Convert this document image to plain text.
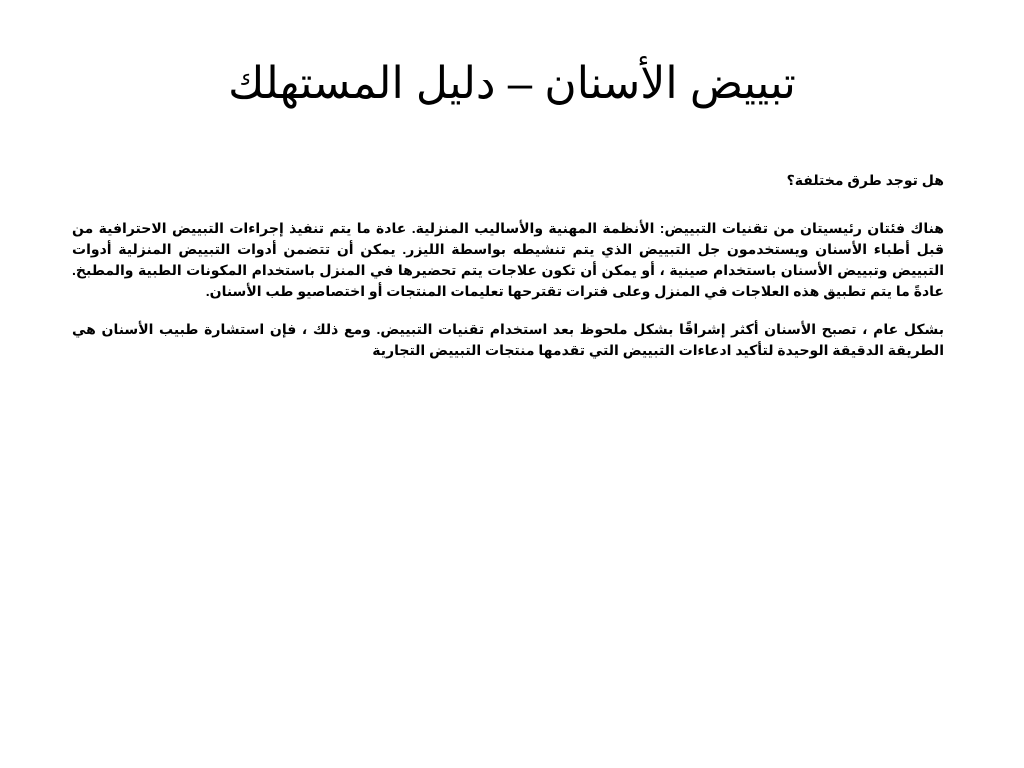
تبييض الأسنان – دليل المستهلك

هل توجد طرق مختلفة؟

هناك فئتان رئيسيتان من تقنيات التبييض: الأنظمة المهنية والأساليب المنزلية. عادة ما يتم تنفيذ إجراءات التبييض الاحترافية من قبل أطباء الأسنان ويستخدمون جل التبييض الذي يتم تنشيطه بواسطة الليزر. يمكن أن تتضمن أدوات التبييض المنزلية أدوات التبييض وتبييض الأسنان باستخدام صينية ، أو يمكن أن تكون علاجات يتم تحضيرها في المنزل باستخدام المكونات الطبية والمطبخ. عادةً ما يتم تطبيق هذه العلاجات في المنزل وعلى فترات تقترحها تعليمات المنتجات أو اختصاصيو طب الأسنان.

بشكل عام ، تصبح الأسنان أكثر إشراقًا بشكل ملحوظ بعد استخدام تقنيات التبييض. ومع ذلك ، فإن استشارة طبيب الأسنان هي الطريقة الدقيقة الوحيدة لتأكيد ادعاءات التبييض التي تقدمها منتجات التبييض التجارية
